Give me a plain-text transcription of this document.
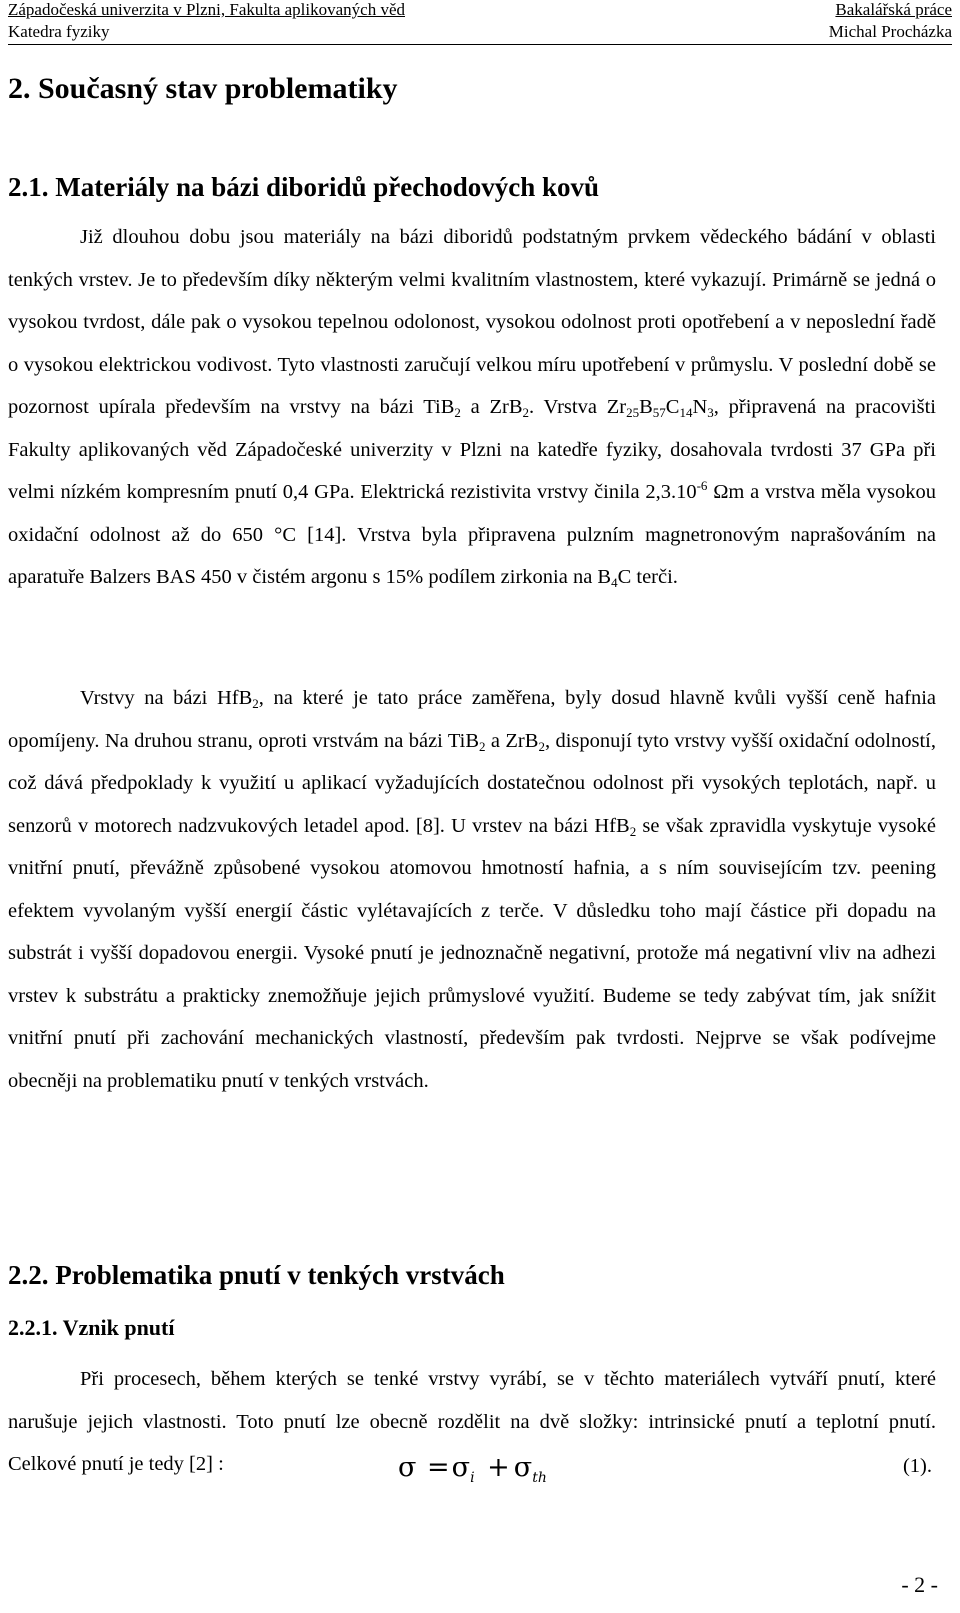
Západočeská univerzita v Plzni, Fakulta aplikovaných věd	Bakalářská práce
Katedra fyziky	Michal Procházka
2. Současný stav problematiky
2.1. Materiály na bázi diboridů přechodových kovů

Již dlouhou dobu jsou materiály na bázi diboridů podstatným prvkem vědeckého bádání v oblasti tenkých vrstev. Je to především díky některým velmi kvalitním vlastnostem, které vykazují. Primárně se jedná o vysokou tvrdost, dále pak o vysokou tepelnou odolonost, vysokou odolnost proti opotřebení a v neposlední řadě o vysokou elektrickou vodivost. Tyto vlastnosti zaručují velkou míru upotřebení v průmyslu. V poslední době se pozornost upírala především na vrstvy na bázi TiB$_2$ a ZrB$_2$. Vrstva $Zr_{25}B_{57}C_{14}N_3$, připravená na pracovišti Fakulty aplikovaných věd Západočeské univerzity v Plzni na katedře fyziky, dosahovala tvrdosti 37 GPa při velmi nízkém kompresním pnutí 0,4 GPa. Elektrická rezistivita vrstvy činila $2,3.10^{-6}$ Ωm a vrstva měla vysokou oxidační odolnost až do 650 °C [14]. Vrstva byla připravena pulzním magnetronovým naprašováním na aparatuře Balzers BAS 450 v čistém argonu s 15% podílem zirkonia na $B_4C$ terči.

Vrstvy na bázi HfB$_2$, na které je tato práce zaměřena, byly dosud hlavně kvůli vyšší ceně hafnia opomíjeny. Na druhou stranu, oproti vrstvám na bázi TiB$_2$ a ZrB$_2$, disponují tyto vrstvy vyšší oxidační odolností, což dává předpoklady k využití u aplikací vyžadujících dostatečnou odolnost při vysokých teplotách, např. u senzorů v motorech nadzvukových letadel apod. [8]. U vrstev na bázi HfB$_2$ se však zpravidla vyskytuje vysoké vnitřní pnutí, převážně způsobené vysokou atomovou hmotností hafnia, a s ním souvisejícím tzv. peening efektem vyvolaným vyšší energií částic vylétavajících z terče. V důsledku toho mají částice při dopadu na substrát i vyšší dopadovou energii. Vysoké pnutí je jednoznačně negativní, protože má negativní vliv na adhezi vrstev k substrátu a prakticky znemožňuje jejich průmyslové využití. Budeme se tedy zabývat tím, jak snížit vnitřní pnutí při zachování mechanických vlastností, především pak tvrdosti. Nejprve se však podívejme obecněji na problematiku pnutí v tenkých vrstvách.

2.2. Problematika pnutí v tenkých vrstvách
2.2.1. Vznik pnutí

Při procesech, během kterých se tenké vrstvy vyrábí, se v těchto materiálech vytváří pnutí, které narušuje jejich vlastnosti. Toto pnutí lze obecně rozdělit na dvě složky: intrinsické pnutí a teplotní pnutí. Celkové pnutí je tedy [2] :	$\sigma =\sigma_i + \sigma_{th}$
(1).
- 2 -
